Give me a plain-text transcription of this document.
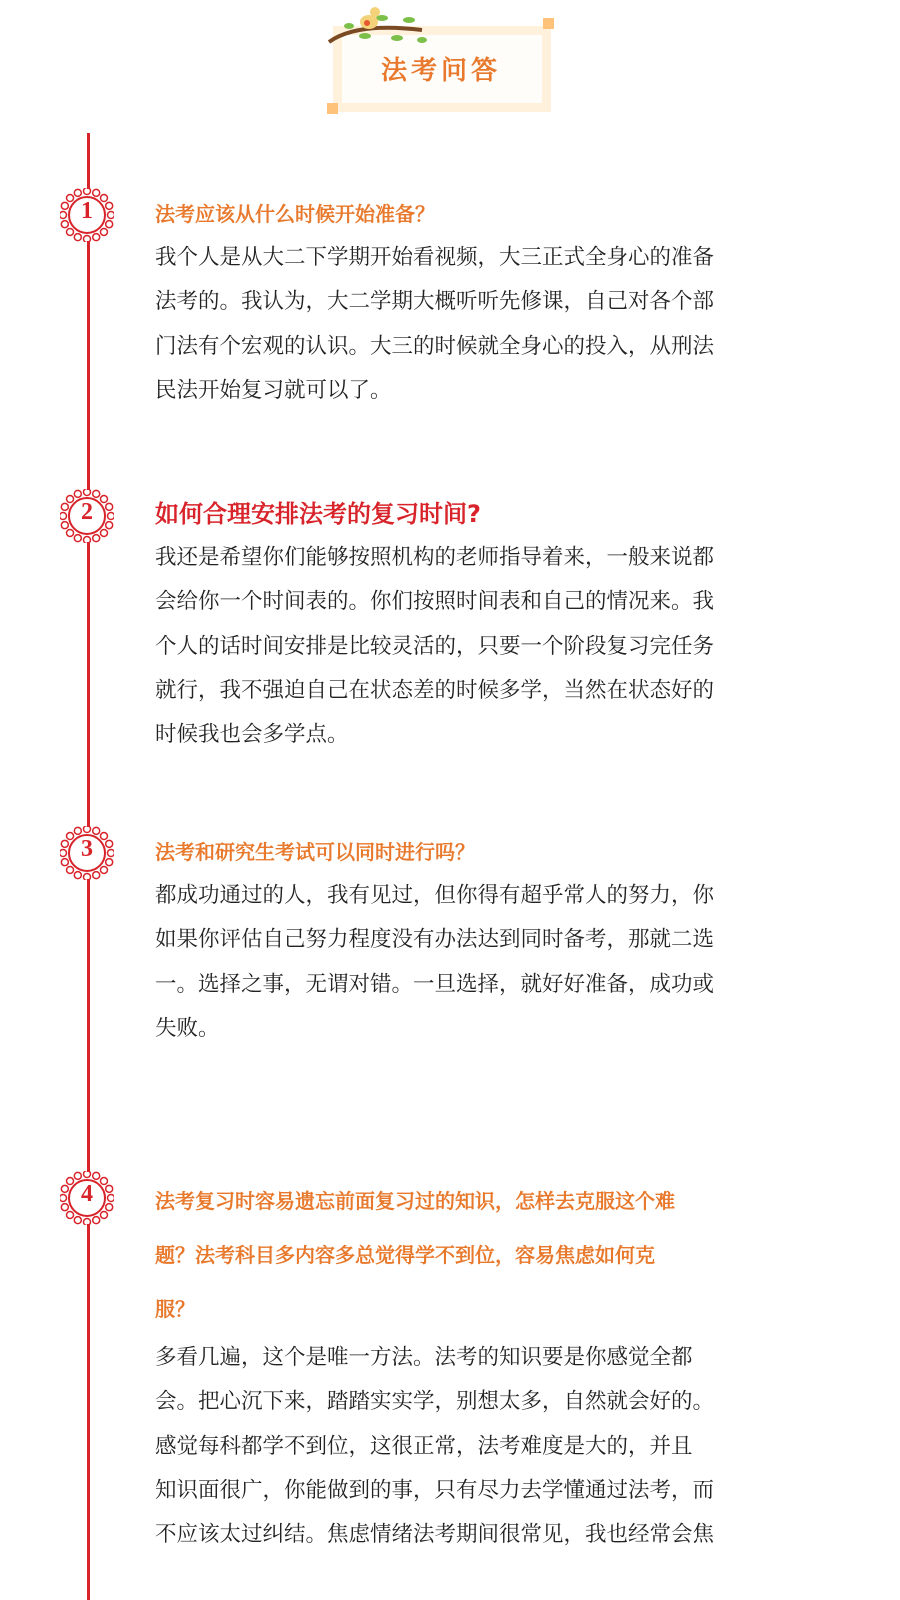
法考问答
1	法考应该从什么时候开始准备？
我个人是从大二下学期开始看视频，大三正式全身心的准备
法考的。我认为，大二学期大概听听先修课，自己对各个部
门法有个宏观的认识。大三的时候就全身心的投入，从刑法
民法开始复习就可以了。
2	如何合理安排法考的复习时间?
我还是希望你们能够按照机构的老师指导着来，一般来说都
会给你一个时间表的。你们按照时间表和自己的情况来。我
个人的话时间安排是比较灵活的，只要一个阶段复习完任务
就行，我不强迫自己在状态差的时候多学，当然在状态好的
时候我也会多学点。
3	法考和研究生考试可以同时进行吗？
都成功通过的人，我有见过，但你得有超乎常人的努力，你
如果你评估自己努力程度没有办法达到同时备考，那就二选
一。选择之事，无谓对错。一旦选择，就好好准备，成功或
失败。
4	法考复习时容易遗忘前面复习过的知识，怎样去克服这个难
题？法考科目多内容多总觉得学不到位，容易焦虑如何克
服？
多看几遍，这个是唯一方法。法考的知识要是你感觉全都
会。把心沉下来，踏踏实实学，别想太多，自然就会好的。
感觉每科都学不到位，这很正常，法考难度是大的，并且
知识面很广，你能做到的事，只有尽力去学懂通过法考，而
不应该太过纠结。焦虑情绪法考期间很常见，我也经常会焦
